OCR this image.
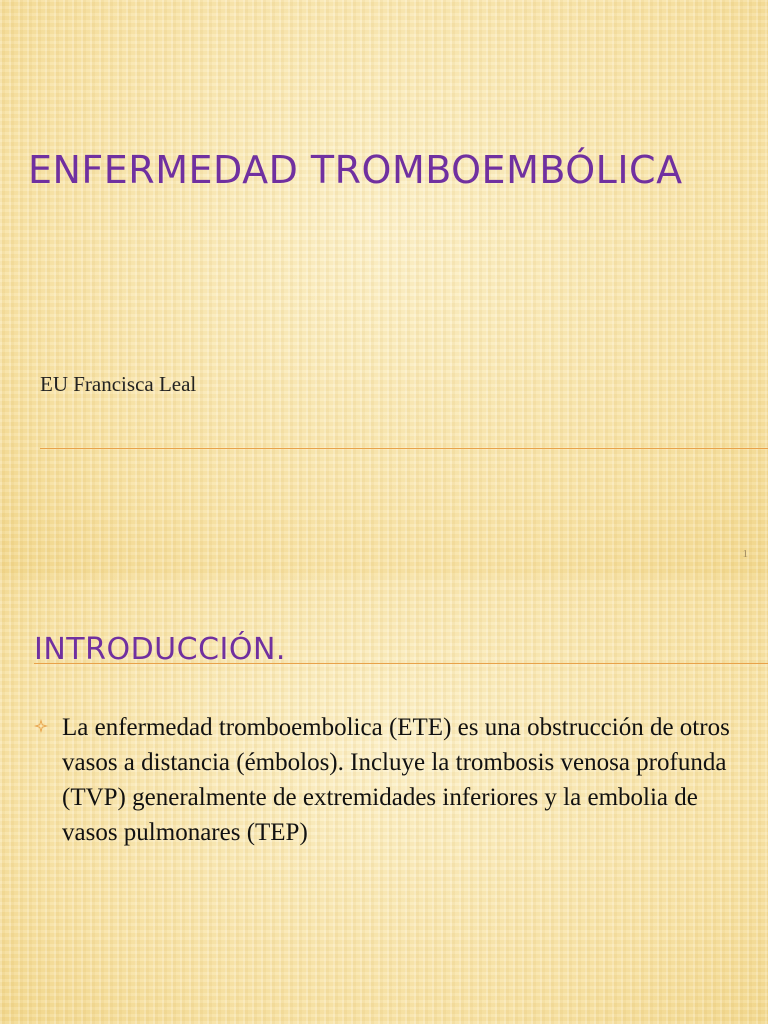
ENFERMEDAD TROMBOEMBÓLICA

EU Francisca Leal

1
INTRODUCCIÓN.
La enfermedad tromboembolica (ETE) es una obstrucción de otros vasos a distancia (émbolos). Incluye la trombosis venosa profunda (TVP) generalmente de extremidades inferiores y la embolia de vasos pulmonares (TEP)
